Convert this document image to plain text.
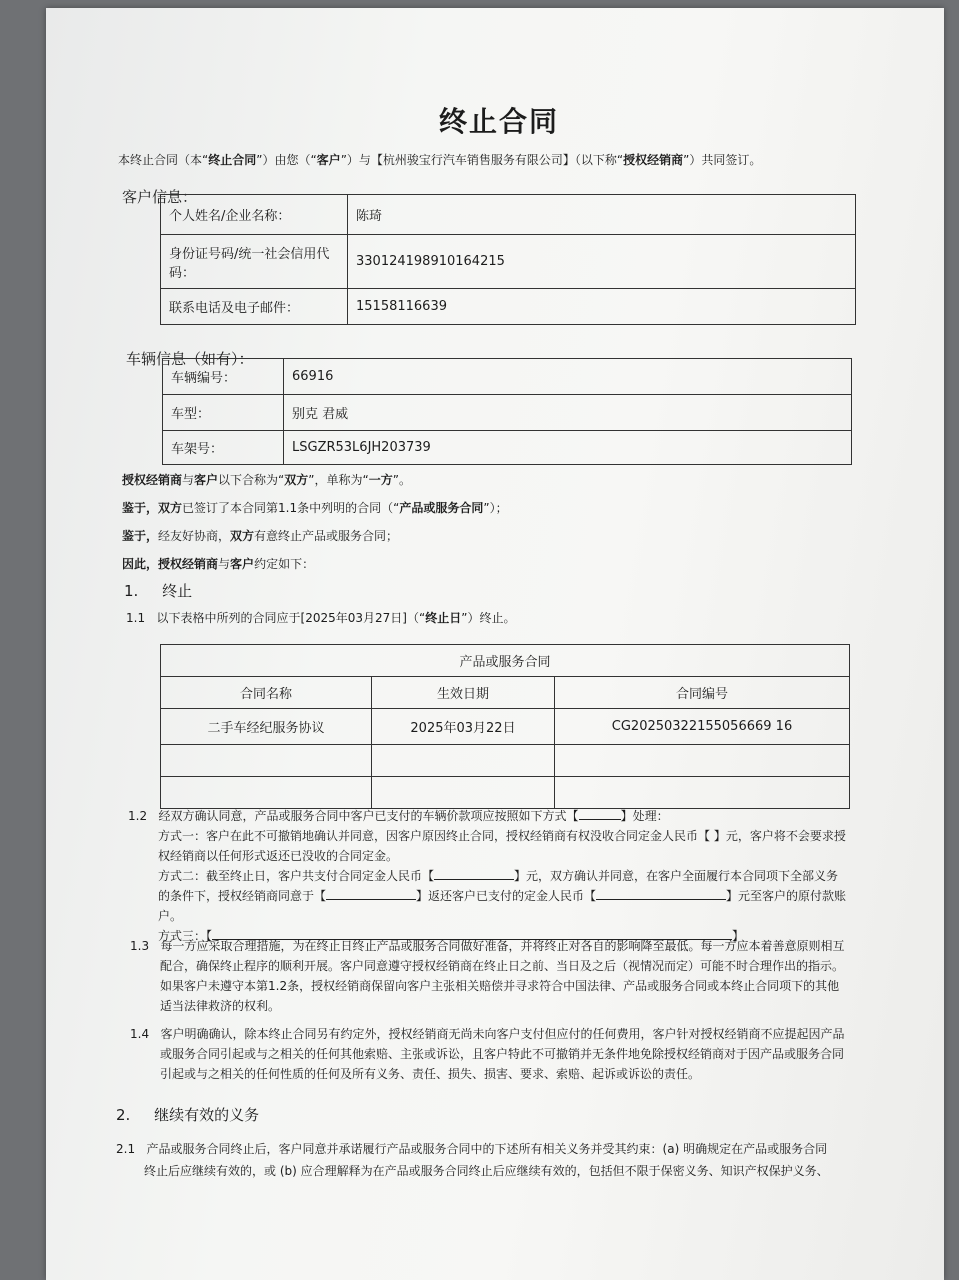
终止合同
本终止合同（本“终止合同”）由您（“客户”）与【杭州骏宝行汽车销售服务有限公司】（以下称“授权经销商”）共同签订。
客户信息：
个人姓名/企业名称：	陈琦
身份证号码/统一社会信用代码：	330124198910164215
联系电话及电子邮件：	15158116639
车辆信息（如有）：
车辆编号：	66916
车型：	别克 君威
车架号：	LSGZR53L6JH203739
授权经销商与客户以下合称为“双方”，单称为“一方”。
鉴于，双方已签订了本合同第1.1条中列明的合同（“产品或服务合同”）；
鉴于，经友好协商，双方有意终止产品或服务合同；
因此，授权经销商与客户约定如下：
1. 终止
1.1 以下表格中所列的合同应于[2025年03月27日]（“终止日”）终止。
产品或服务合同		
合同名称	生效日期	合同编号
二手车经纪服务协议	2025年03月22日	CG20250322155056669 16

1.2 经双方确认同意，产品或服务合同中客户已支付的车辆价款项应按照如下方式【	】处理：
方式一：客户在此不可撤销地确认并同意，因客户原因终止合同，授权经销商有权没收合同定金人民币【 】元，客户将不会要求授
权经销商以任何形式返还已没收的合同定金。
方式二：截至终止日，客户共支付合同定金人民币【	】元，双方确认并同意，在客户全面履行本合同项下全部义务
的条件下，授权经销商同意于【	】返还客户已支付的定金人民币【	】元至客户的原付款账
户。
方式三：【	】
1.3 每一方应采取合理措施，为在终止日终止产品或服务合同做好准备，并将终止对各自的影响降至最低。每一方应本着善意原则相互
配合，确保终止程序的顺利开展。客户同意遵守授权经销商在终止日之前、当日及之后（视情况而定）可能不时合理作出的指示。
如果客户未遵守本第1.2条，授权经销商保留向客户主张相关赔偿并寻求符合中国法律、产品或服务合同或本终止合同项下的其他
适当法律救济的权利。
1.4 客户明确确认，除本终止合同另有约定外，授权经销商无尚未向客户支付但应付的任何费用，客户针对授权经销商不应提起因产品
或服务合同引起或与之相关的任何其他索赔、主张或诉讼，且客户特此不可撤销并无条件地免除授权经销商对于因产品或服务合同
引起或与之相关的任何性质的任何及所有义务、责任、损失、损害、要求、索赔、起诉或诉讼的责任。
2. 继续有效的义务
2.1 产品或服务合同终止后，客户同意并承诺履行产品或服务合同中的下述所有相关义务并受其约束：(a) 明确规定在产品或服务合同
终止后应继续有效的，或 (b) 应合理解释为在产品或服务合同终止后应继续有效的，包括但不限于保密义务、知识产权保护义务、
